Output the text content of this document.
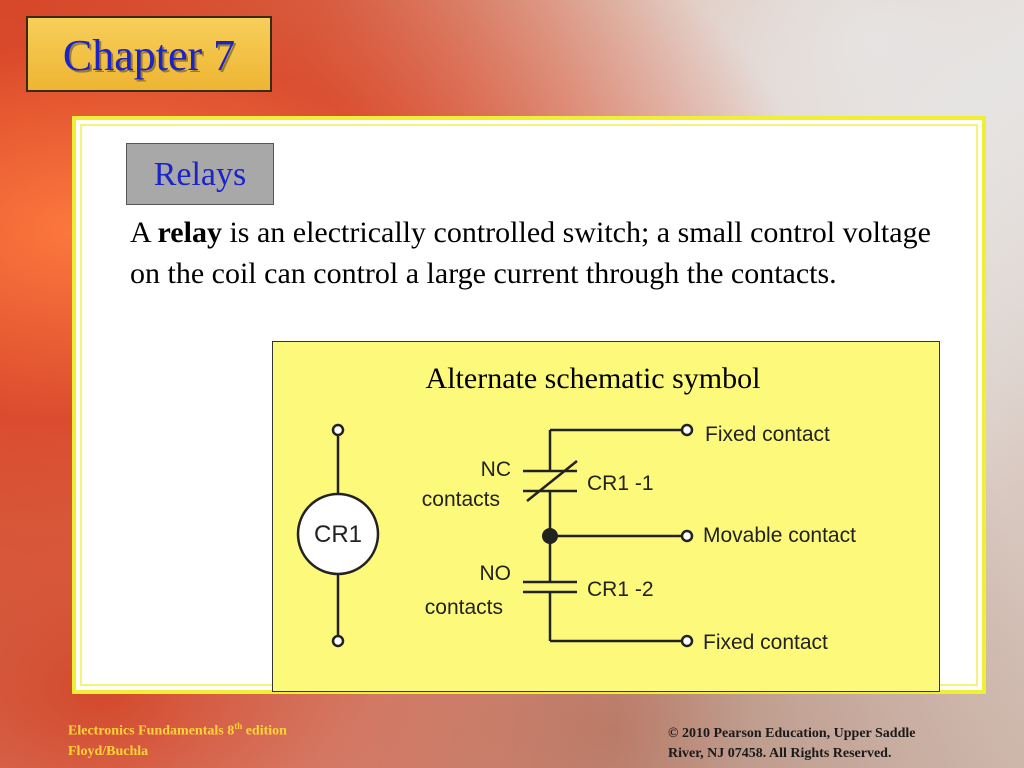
Chapter 7
Relays
A relay is an electrically controlled switch; a small control voltage on the coil can control a large current through the contacts.
Alternate schematic symbol
CR1
NC
contacts
NO
contacts
CR1 -1
CR1 -2
Fixed contact
Movable contact
Fixed contact
Electronics Fundamentals 8th edition
Floyd/Buchla
© 2010 Pearson Education, Upper Saddle
River, NJ 07458. All Rights Reserved.
